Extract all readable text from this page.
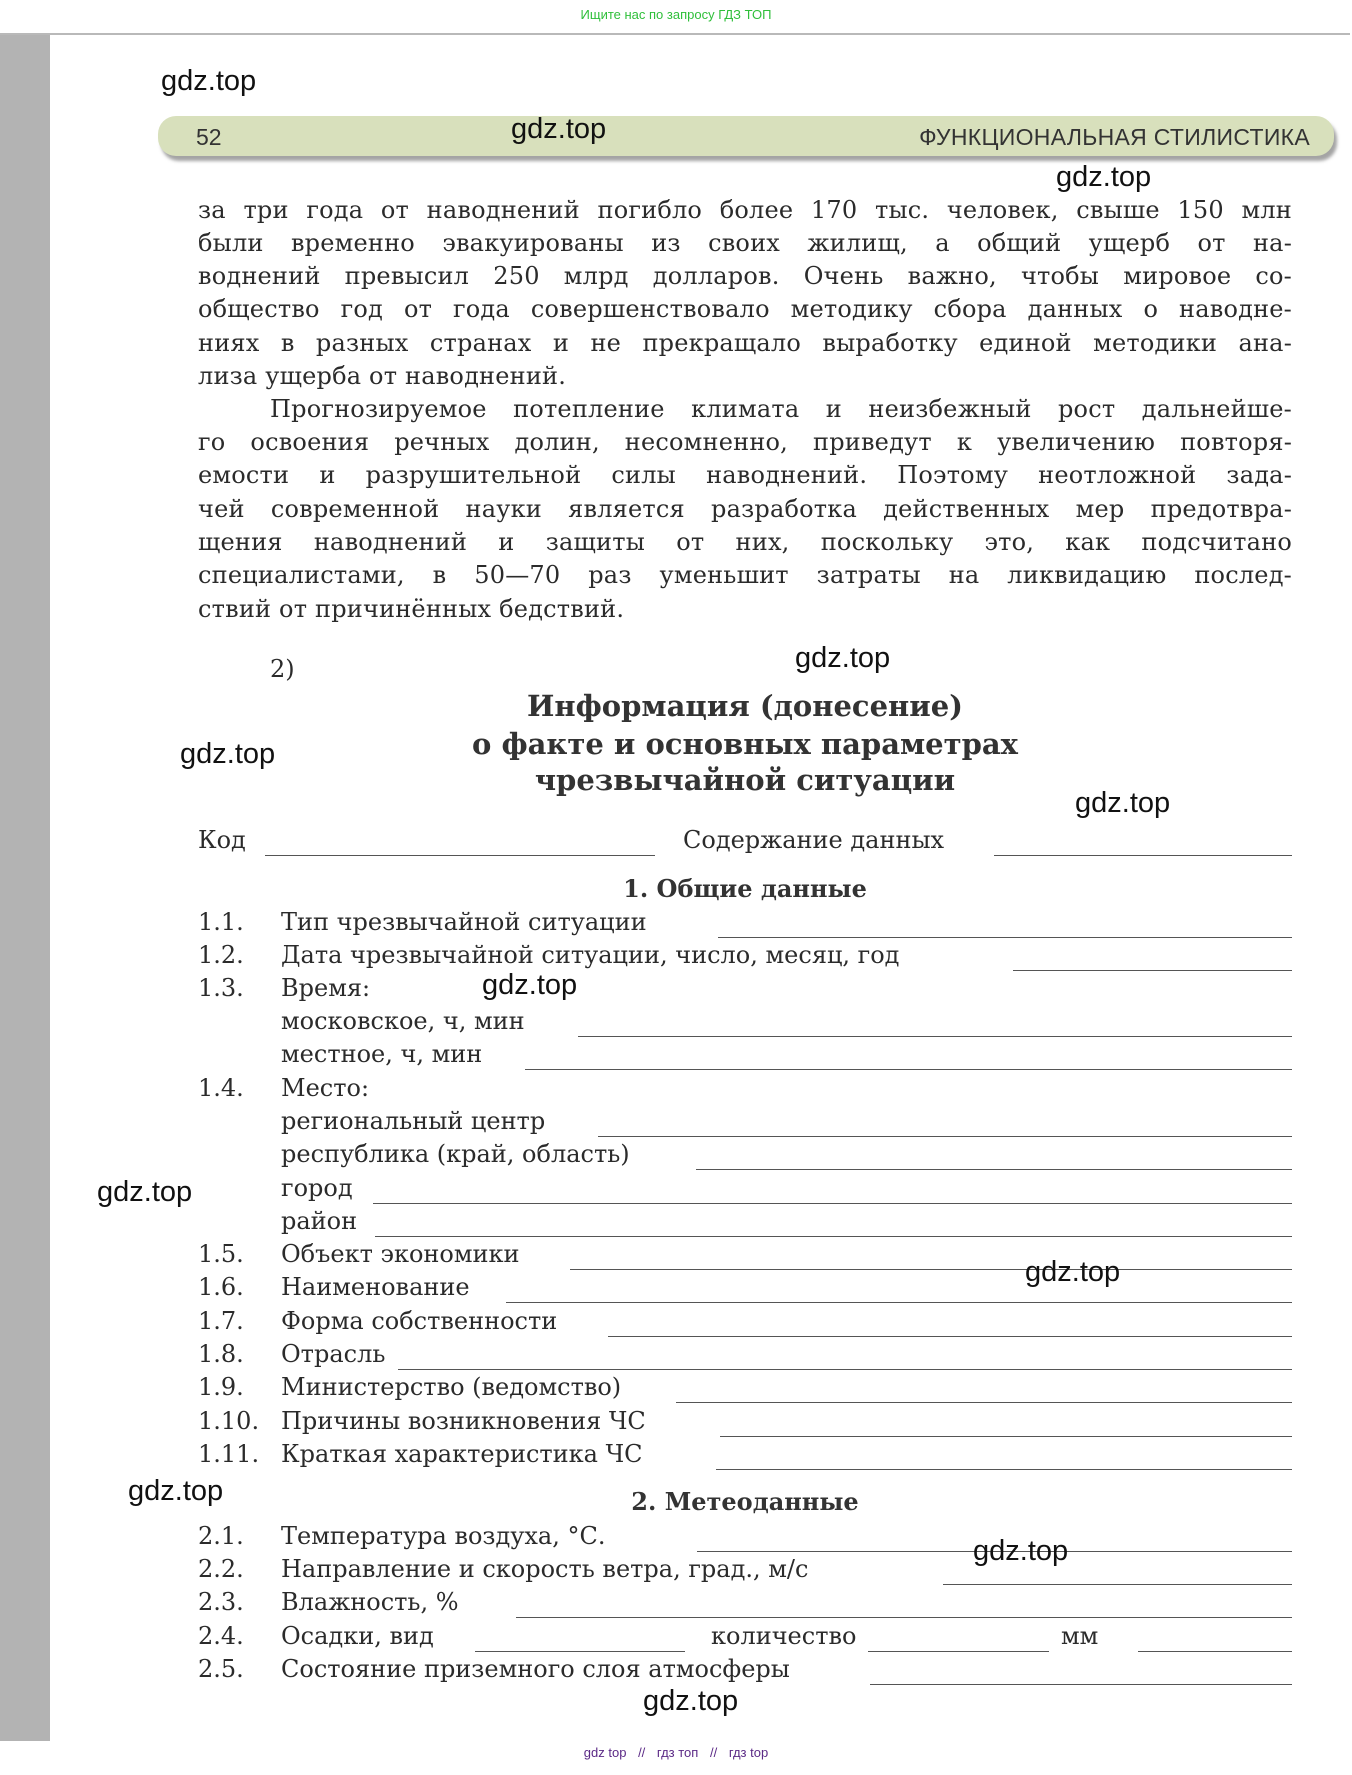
Ищите нас по запросу ГДЗ ТОП
52	ФУНКЦИОНАЛЬНАЯ СТИЛИСТИКА
за три года от наводнений погибло более 170 тыс. человек, свыше 150 млн
были временно эвакуированы из своих жилищ, а общий ущерб от на-
воднений превысил 250 млрд долларов. Очень важно, чтобы мировое со-
общество год от года совершенствовало методику сбора данных о наводне-
ниях в разных странах и не прекращало выработку единой методики ана-
лиза ущерба от наводнений.
Прогнозируемое потепление климата и неизбежный рост дальнейше-
го освоения речных долин, несомненно, приведут к увеличению повторя-
емости и разрушительной силы наводнений. Поэтому неотложной зада-
чей современной науки является разработка действенных мер предотвра-
щения наводнений и защиты от них, поскольку это, как подсчитано
специалистами, в 50—70 раз уменьшит затраты на ликвидацию послед-
ствий от причинённых бедствий.
2)
Информация (донесение)
о факте и основных параметрах
чрезвычайной ситуации
Код	Содержание данных
1. Общие данные
1.1. Тип чрезвычайной ситуации
1.2. Дата чрезвычайной ситуации, число, месяц, год
1.3. Время:
московское, ч, мин
местное, ч, мин
1.4. Место:
региональный центр
республика (край, область)
город
район
1.5. Объект экономики
1.6. Наименование
1.7. Форма собственности
1.8. Отрасль
1.9. Министерство (ведомство)
1.10. Причины возникновения ЧС
1.11. Краткая характеристика ЧС
2. Метеоданные
2.1. Температура воздуха, °С.
2.2. Направление и скорость ветра, град., м/с
2.3. Влажность, %
2.4. Осадки, вид	количество	мм
2.5. Состояние приземного слоя атмосферы
gdz.top
gdz.top
gdz.top
gdz.top
gdz.top
gdz.top
gdz.top
gdz.top
gdz.top
gdz.top
gdz.top
gdz.top
gdz top // гдз топ // гдз top
